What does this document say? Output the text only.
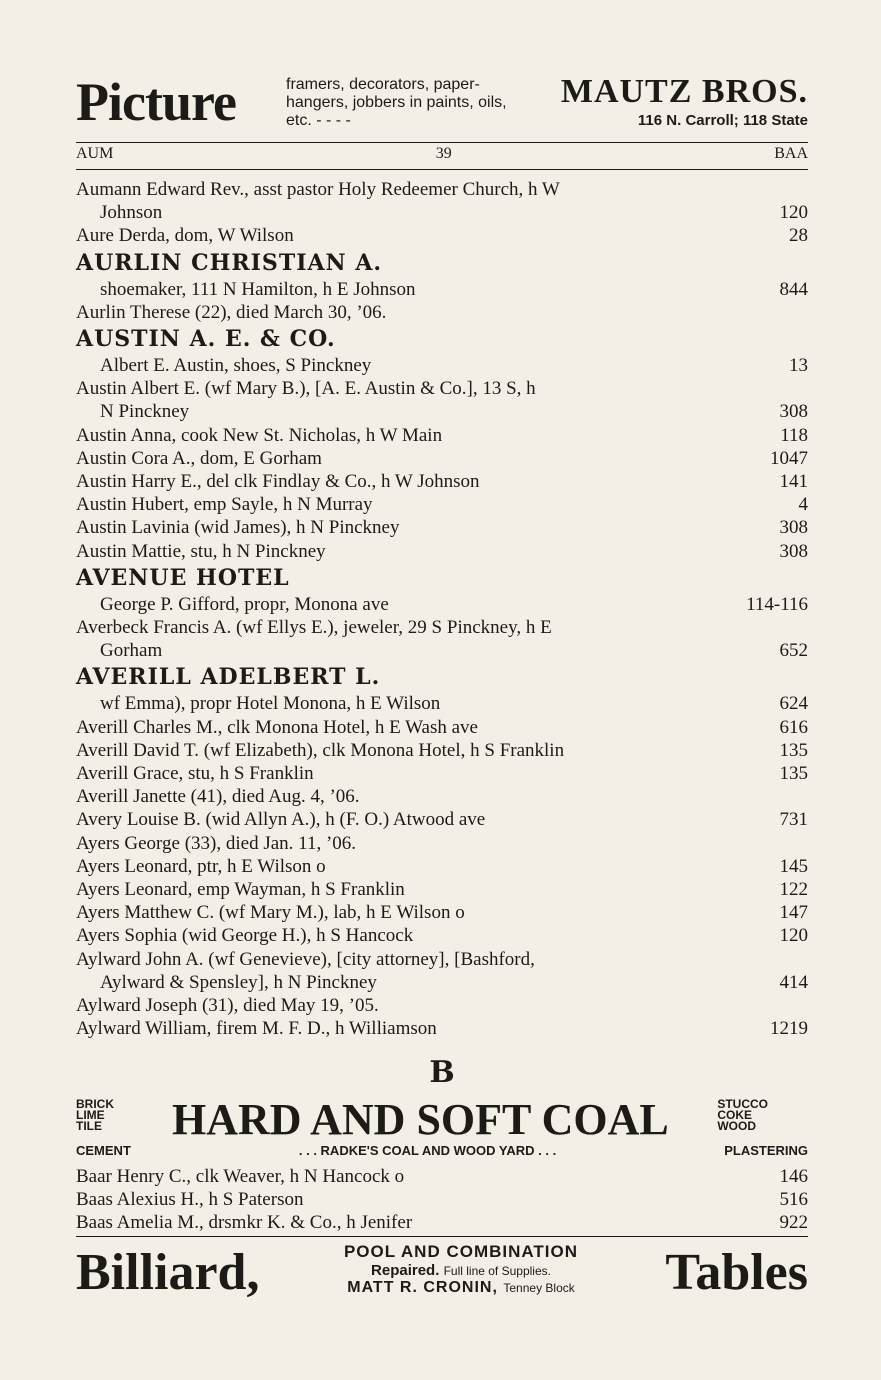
Picture	framers, decorators, paper-hangers, jobbers in paints, oils, etc. - - - -
MAUTZ BROS.
116 N. Carroll; 118 State
AUM	39	BAA
Aumann Edward Rev., asst pastor Holy Redeemer Church, h W
Johnson	120
Aure Derda, dom, W Wilson	28
AURLIN CHRISTIAN A.
shoemaker, 111 N Hamilton, h E Johnson	844
Aurlin Therese (22), died March 30, ’06.
AUSTIN A. E. & CO.
Albert E. Austin, shoes, S Pinckney	13
Austin Albert E. (wf Mary B.), [A. E. Austin & Co.], 13 S, h
N Pinckney	308
Austin Anna, cook New St. Nicholas, h W Main	118
Austin Cora A., dom, E Gorham	1047
Austin Harry E., del clk Findlay & Co., h W Johnson	141
Austin Hubert, emp Sayle, h N Murray	4
Austin Lavinia (wid James), h N Pinckney	308
Austin Mattie, stu, h N Pinckney	308
AVENUE HOTEL
George P. Gifford, propr, Monona ave	114-116
Averbeck Francis A. (wf Ellys E.), jeweler, 29 S Pinckney, h E
Gorham	652
AVERILL ADELBERT L.
wf Emma), propr Hotel Monona, h E Wilson	624
Averill Charles M., clk Monona Hotel, h E Wash ave	616
Averill David T. (wf Elizabeth), clk Monona Hotel, h S Franklin	135
Averill Grace, stu, h S Franklin	135
Averill Janette (41), died Aug. 4, ’06.
Avery Louise B. (wid Allyn A.), h (F. O.) Atwood ave	731
Ayers George (33), died Jan. 11, ’06.
Ayers Leonard, ptr, h E Wilson o	145
Ayers Leonard, emp Wayman, h S Franklin	122
Ayers Matthew C. (wf Mary M.), lab, h E Wilson o	147
Ayers Sophia (wid George H.), h S Hancock	120
Aylward John A. (wf Genevieve), [city attorney], [Bashford,
Aylward & Spensley], h N Pinckney	414
Aylward Joseph (31), died May 19, ’05.
Aylward William, firem M. F. D., h Williamson	1219
B
BRICK
LIME
TILE HARD AND SOFT COAL	STUCCO
COKE
WOOD
CEMENT	. . . RADKE'S COAL AND WOOD YARD . . .	PLASTERING
Baar Henry C., clk Weaver, h N Hancock o	146
Baas Alexius H., h S Paterson	516
Baas Amelia M., drsmkr K. & Co., h Jenifer	922
Billiard,	POOL AND COMBINATION
Repaired. Full line of Supplies.
MATT R. CRONIN, Tenney Block	Tables
